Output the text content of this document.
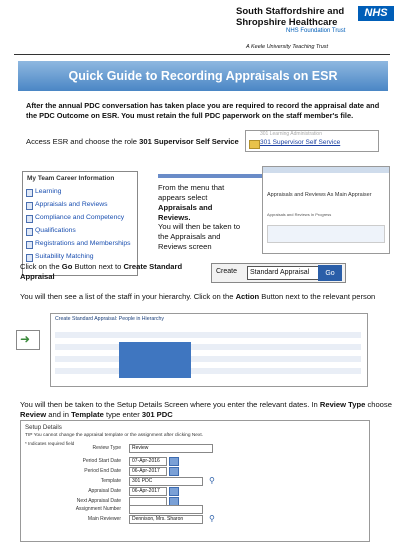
South Staffordshire and Shropshire Healthcare
NHS
NHS Foundation Trust
A Keele University Teaching Trust
Quick Guide to Recording Appraisals on ESR
After the annual PDC conversation has taken place you are required to record the appraisal date and the PDC Outcome on ESR. You must retain the full PDC paperwork on the staff member's file.
Access ESR and choose the role 301 Supervisor Self Service
301 Learning Administration
301 Supervisor Self Service
My Team Career Information
Learning
Appraisals and Reviews
Compliance and Competency
Qualifications
Registrations and Memberships
Suitability Matching
From the menu that appears select Appraisals and Reviews.
You will then be taken to the Appraisals and Reviews screen
Appraisals and Reviews As Main Appraiser
Appraisals and Reviews In Progress
Click on the Go Button next to Create Standard Appraisal
Create	Standard Appraisal	Go
You will then see a list of the staff in your hierarchy. Click on the Action Button next to the relevant person
➜
Create Standard Appraisal: People in Hierarchy
You will then be taken to the Setup Details Screen where you enter the relevant dates. In Review Type choose Review and in Template type enter 301 PDC
Setup Details
TIP You cannot change the appraisal template or the assignment after clicking Next.
* Indicates required field
Review Type	Review
Period Start Date	07-Apr-2016
Period End Date	06-Apr-2017
Template	301 PDC	⚲
Appraisal Date	06-Apr-2017
Next Appraisal Date
Assignment Number
Main Reviewer	Dennison, Mrs. Sharon	⚲
